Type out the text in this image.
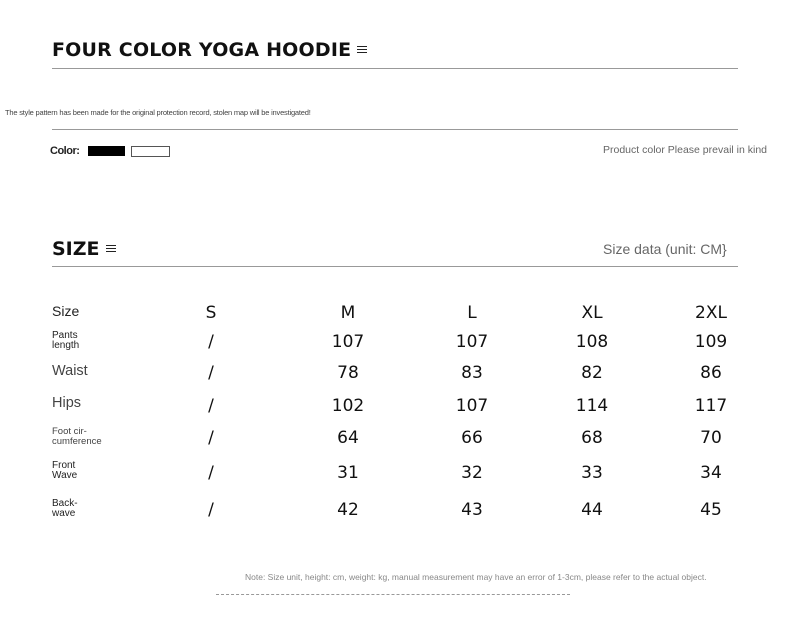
FOUR COLOR YOGA HOODIE
The style pattern has been made for the original protection record, stolen map will be investigated!
Color:	Product color Please prevail in kind
SIZE	Size data (unit: CM}
Size	S	M	L	XL	2XL
Pants
length	/	107	107	108	109
Waist	/	78	83	82	86
Hips	/	102	107	114	117
Foot cir-
cumference	/	64	66	68	70
Front
Wave	/	31	32	33	34
Back-
wave	/	42	43	44	45
Note: Size unit, height: cm, weight: kg, manual measurement may have an error of 1-3cm, please refer to the actual object.
